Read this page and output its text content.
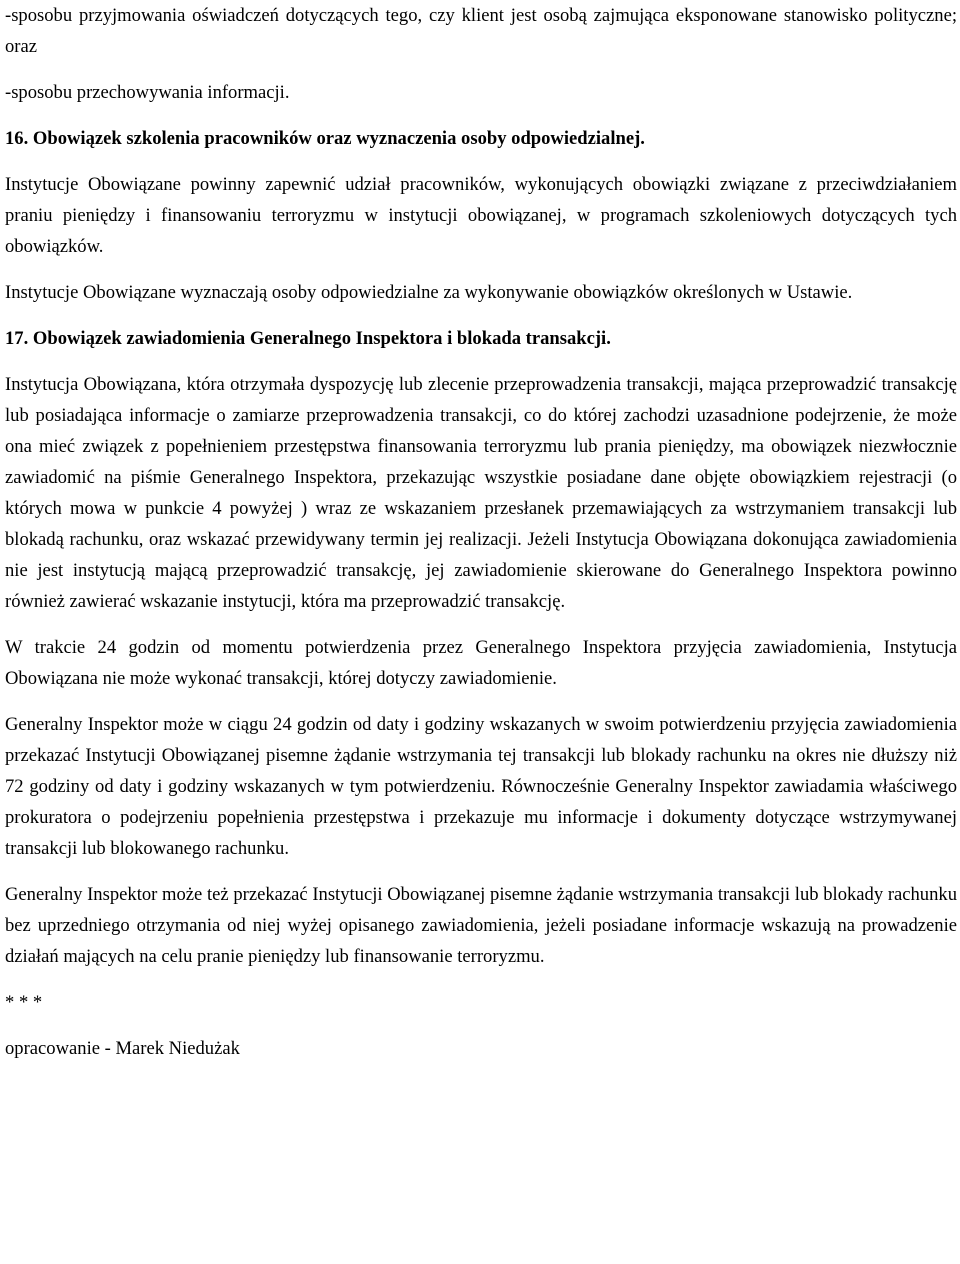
-sposobu przyjmowania oświadczeń dotyczących tego, czy klient jest osobą zajmująca eksponowane stanowisko polityczne; oraz

-sposobu przechowywania informacji.

16. Obowiązek szkolenia pracowników oraz wyznaczenia osoby odpowiedzialnej.

Instytucje Obowiązane powinny zapewnić udział pracowników, wykonujących obowiązki związane z przeciwdziałaniem praniu pieniędzy i finansowaniu terroryzmu w instytucji obowiązanej, w programach szkoleniowych dotyczących tych obowiązków.

Instytucje Obowiązane wyznaczają osoby odpowiedzialne za wykonywanie obowiązków określonych w Ustawie.

17. Obowiązek zawiadomienia Generalnego Inspektora i blokada transakcji.

Instytucja Obowiązana, która otrzymała dyspozycję lub zlecenie przeprowadzenia transakcji, mająca przeprowadzić transakcję lub posiadająca informacje o zamiarze przeprowadzenia transakcji, co do której zachodzi uzasadnione podejrzenie, że może ona mieć związek z popełnieniem przestępstwa finansowania terroryzmu lub prania pieniędzy, ma obowiązek niezwłocznie zawiadomić na piśmie Generalnego Inspektora, przekazując wszystkie posiadane dane objęte obowiązkiem rejestracji (o których mowa w punkcie 4 powyżej ) wraz ze wskazaniem przesłanek przemawiających za wstrzymaniem transakcji lub blokadą rachunku, oraz wskazać przewidywany termin jej realizacji. Jeżeli Instytucja Obowiązana dokonująca zawiadomienia nie jest instytucją mającą przeprowadzić transakcję, jej zawiadomienie skierowane do Generalnego Inspektora powinno również zawierać wskazanie instytucji, która ma przeprowadzić transakcję.

W trakcie 24 godzin od momentu potwierdzenia przez Generalnego Inspektora przyjęcia zawiadomienia, Instytucja Obowiązana nie może wykonać transakcji, której dotyczy zawiadomienie.

Generalny Inspektor może w ciągu 24 godzin od daty i godziny wskazanych w swoim potwierdzeniu przyjęcia zawiadomienia przekazać Instytucji Obowiązanej pisemne żądanie wstrzymania tej transakcji lub blokady rachunku na okres nie dłuższy niż 72 godziny od daty i godziny wskazanych w tym potwierdzeniu. Równocześnie Generalny Inspektor zawiadamia właściwego prokuratora o podejrzeniu popełnienia przestępstwa i przekazuje mu informacje i dokumenty dotyczące wstrzymywanej transakcji lub blokowanego rachunku.

Generalny Inspektor może też przekazać Instytucji Obowiązanej pisemne żądanie wstrzymania transakcji lub blokady rachunku bez uprzedniego otrzymania od niej wyżej opisanego zawiadomienia, jeżeli posiadane informacje wskazują na prowadzenie działań mających na celu pranie pieniędzy lub finansowanie terroryzmu.

* * *

opracowanie - Marek Niedużak
